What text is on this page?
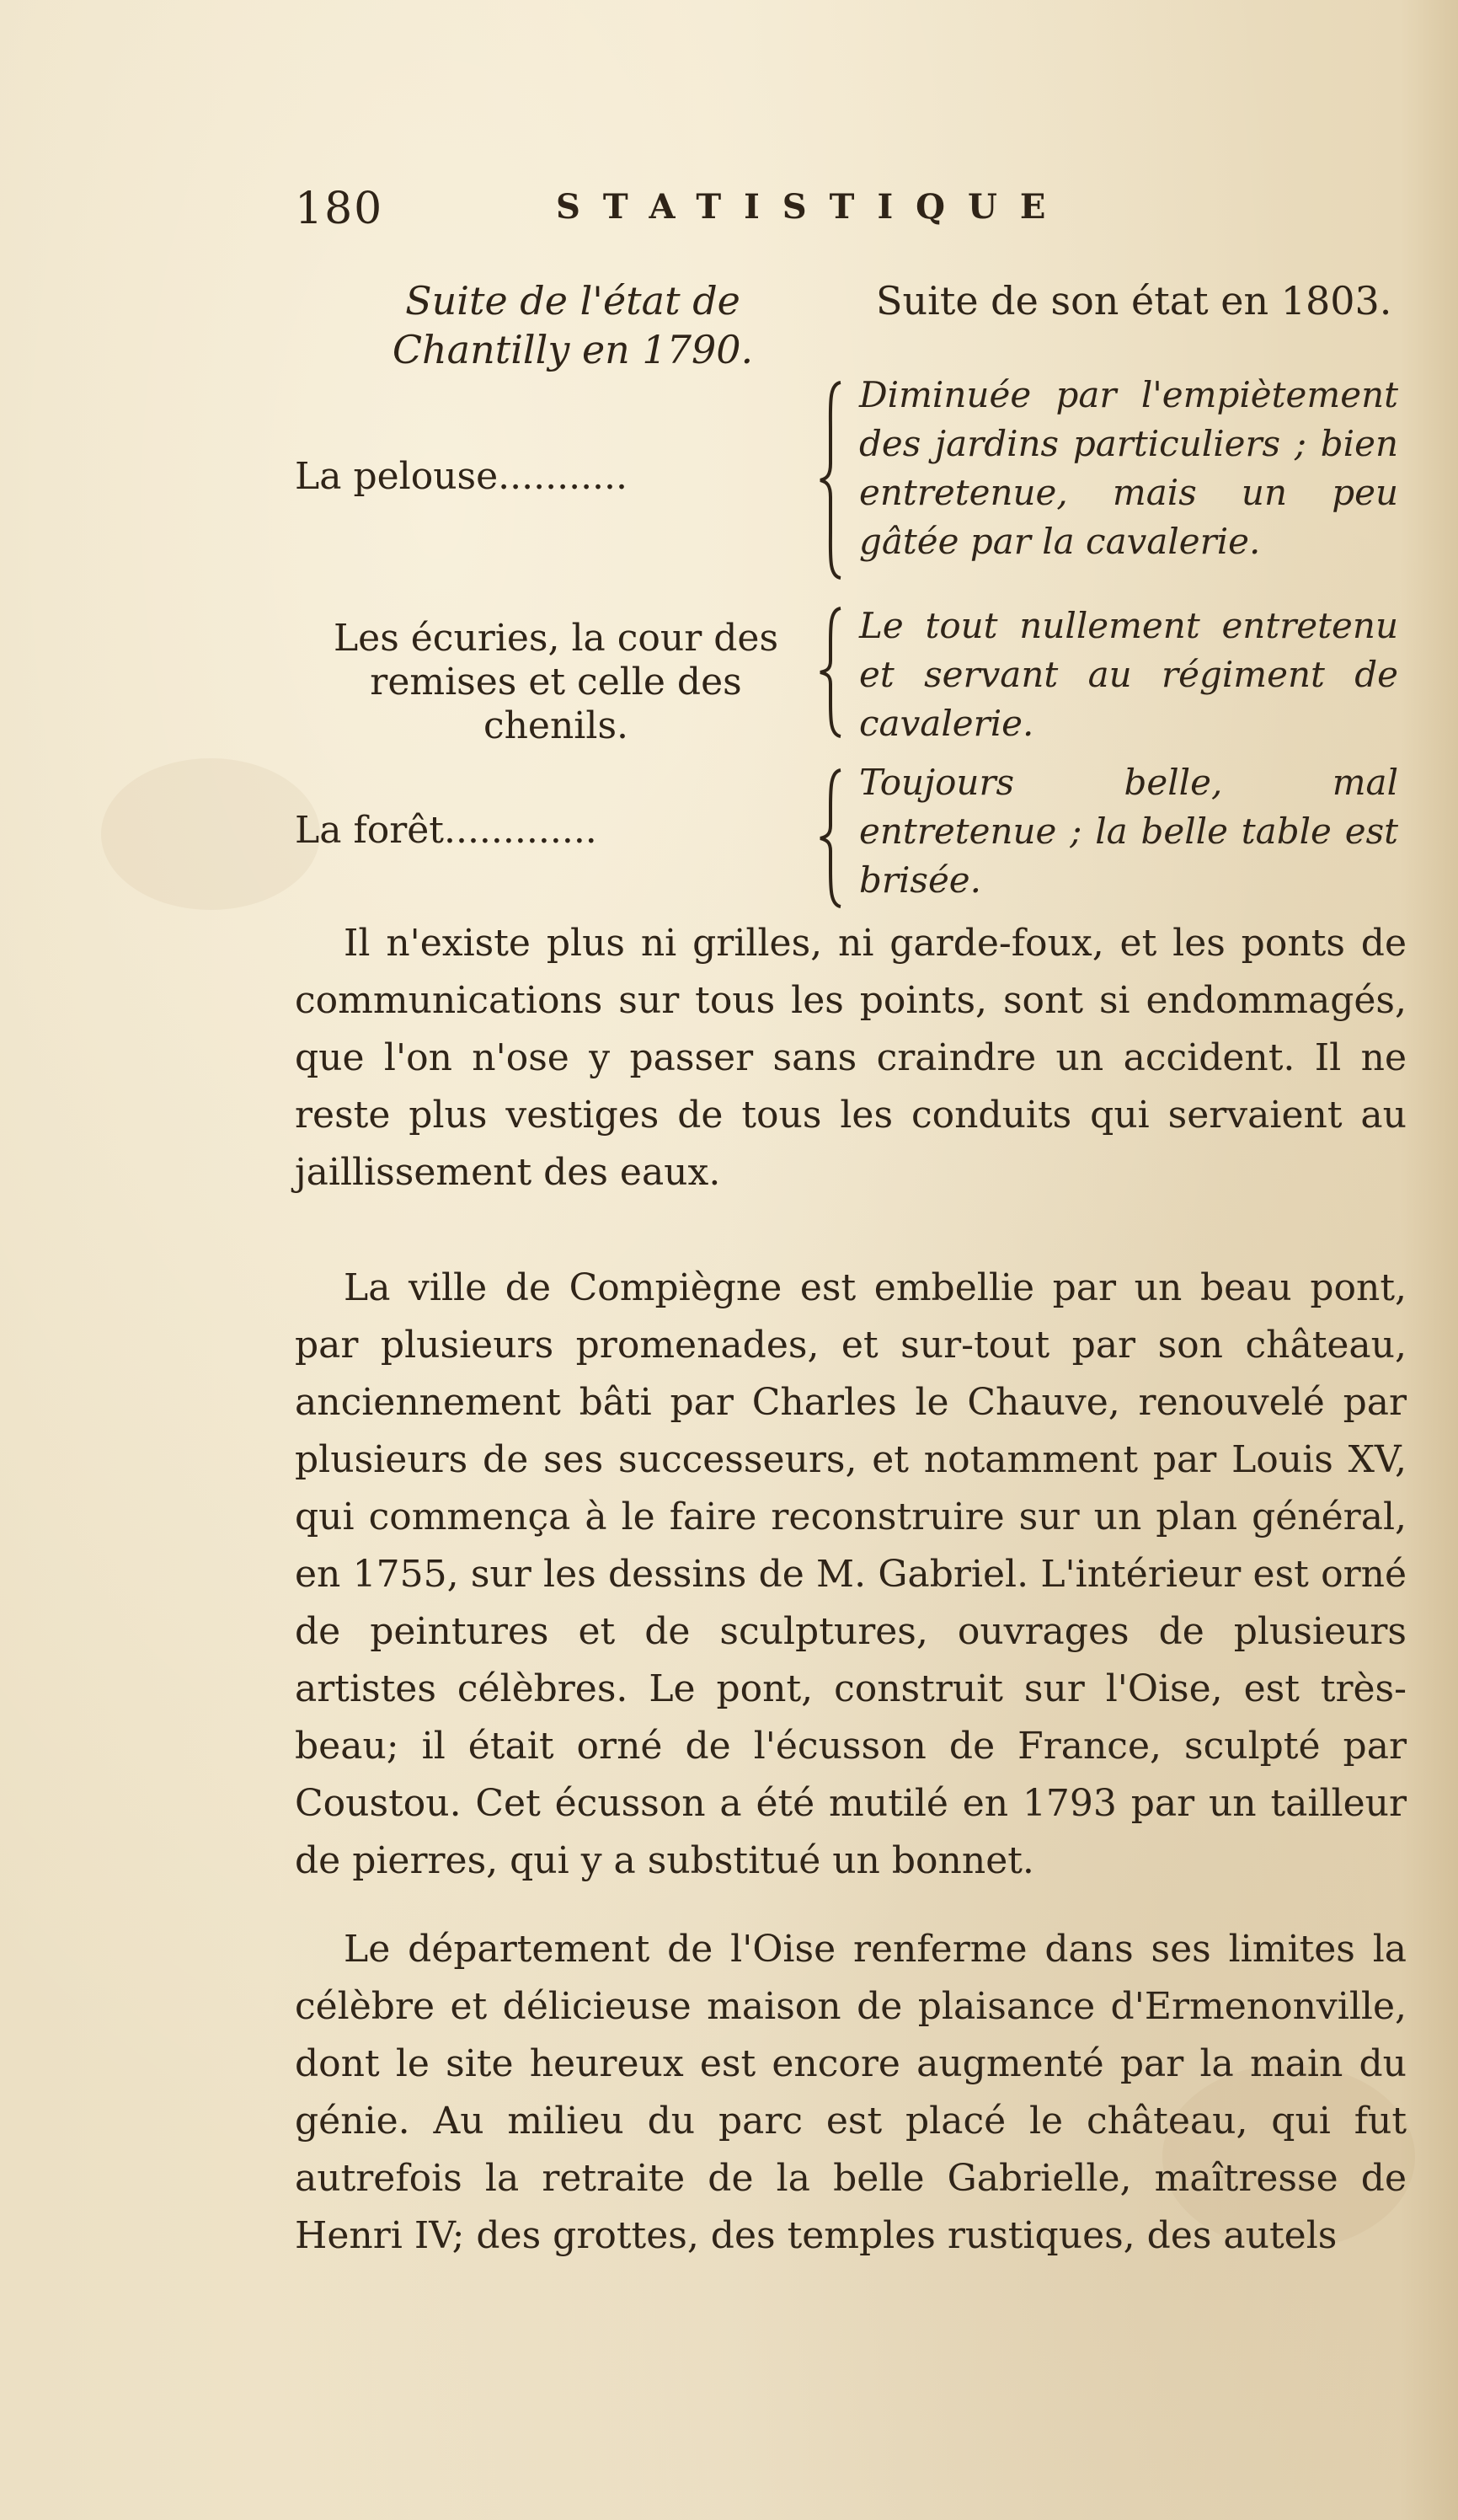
180	STATISTIQUE
Suite de l'état de Chantilly en 1790.
Suite de son état en 1803.
La pelouse...........
Diminuée par l'empiètement des jardins particuliers ; bien entretenue, mais un peu gâtée par la cavalerie.
Les écuries, la cour des remises et celle des chenils.
Le tout nullement entretenu et servant au régiment de cavalerie.
La forêt.............
Toujours belle, mal entretenue ; la belle table est brisée.

Il n'existe plus ni grilles, ni garde-foux, et les ponts de communications sur tous les points, sont si endommagés, que l'on n'ose y passer sans craindre un accident. Il ne reste plus vestiges de tous les conduits qui servaient au jaillissement des eaux.

La ville de Compiègne est embellie par un beau pont, par plusieurs promenades, et sur-tout par son château, anciennement bâti par Charles le Chauve, renouvelé par plusieurs de ses successeurs, et notamment par Louis XV, qui commença à le faire reconstruire sur un plan général, en 1755, sur les dessins de M. Gabriel. L'intérieur est orné de peintures et de sculptures, ouvrages de plusieurs artistes célèbres. Le pont, construit sur l'Oise, est très-beau; il était orné de l'écusson de France, sculpté par Coustou. Cet écusson a été mutilé en 1793 par un tailleur de pierres, qui y a substitué un bonnet.

Le département de l'Oise renferme dans ses limites la célèbre et délicieuse maison de plaisance d'Ermenonville, dont le site heureux est encore augmenté par la main du génie. Au milieu du parc est placé le château, qui fut autrefois la retraite de la belle Gabrielle, maîtresse de Henri IV; des grottes, des temples rustiques, des autels
